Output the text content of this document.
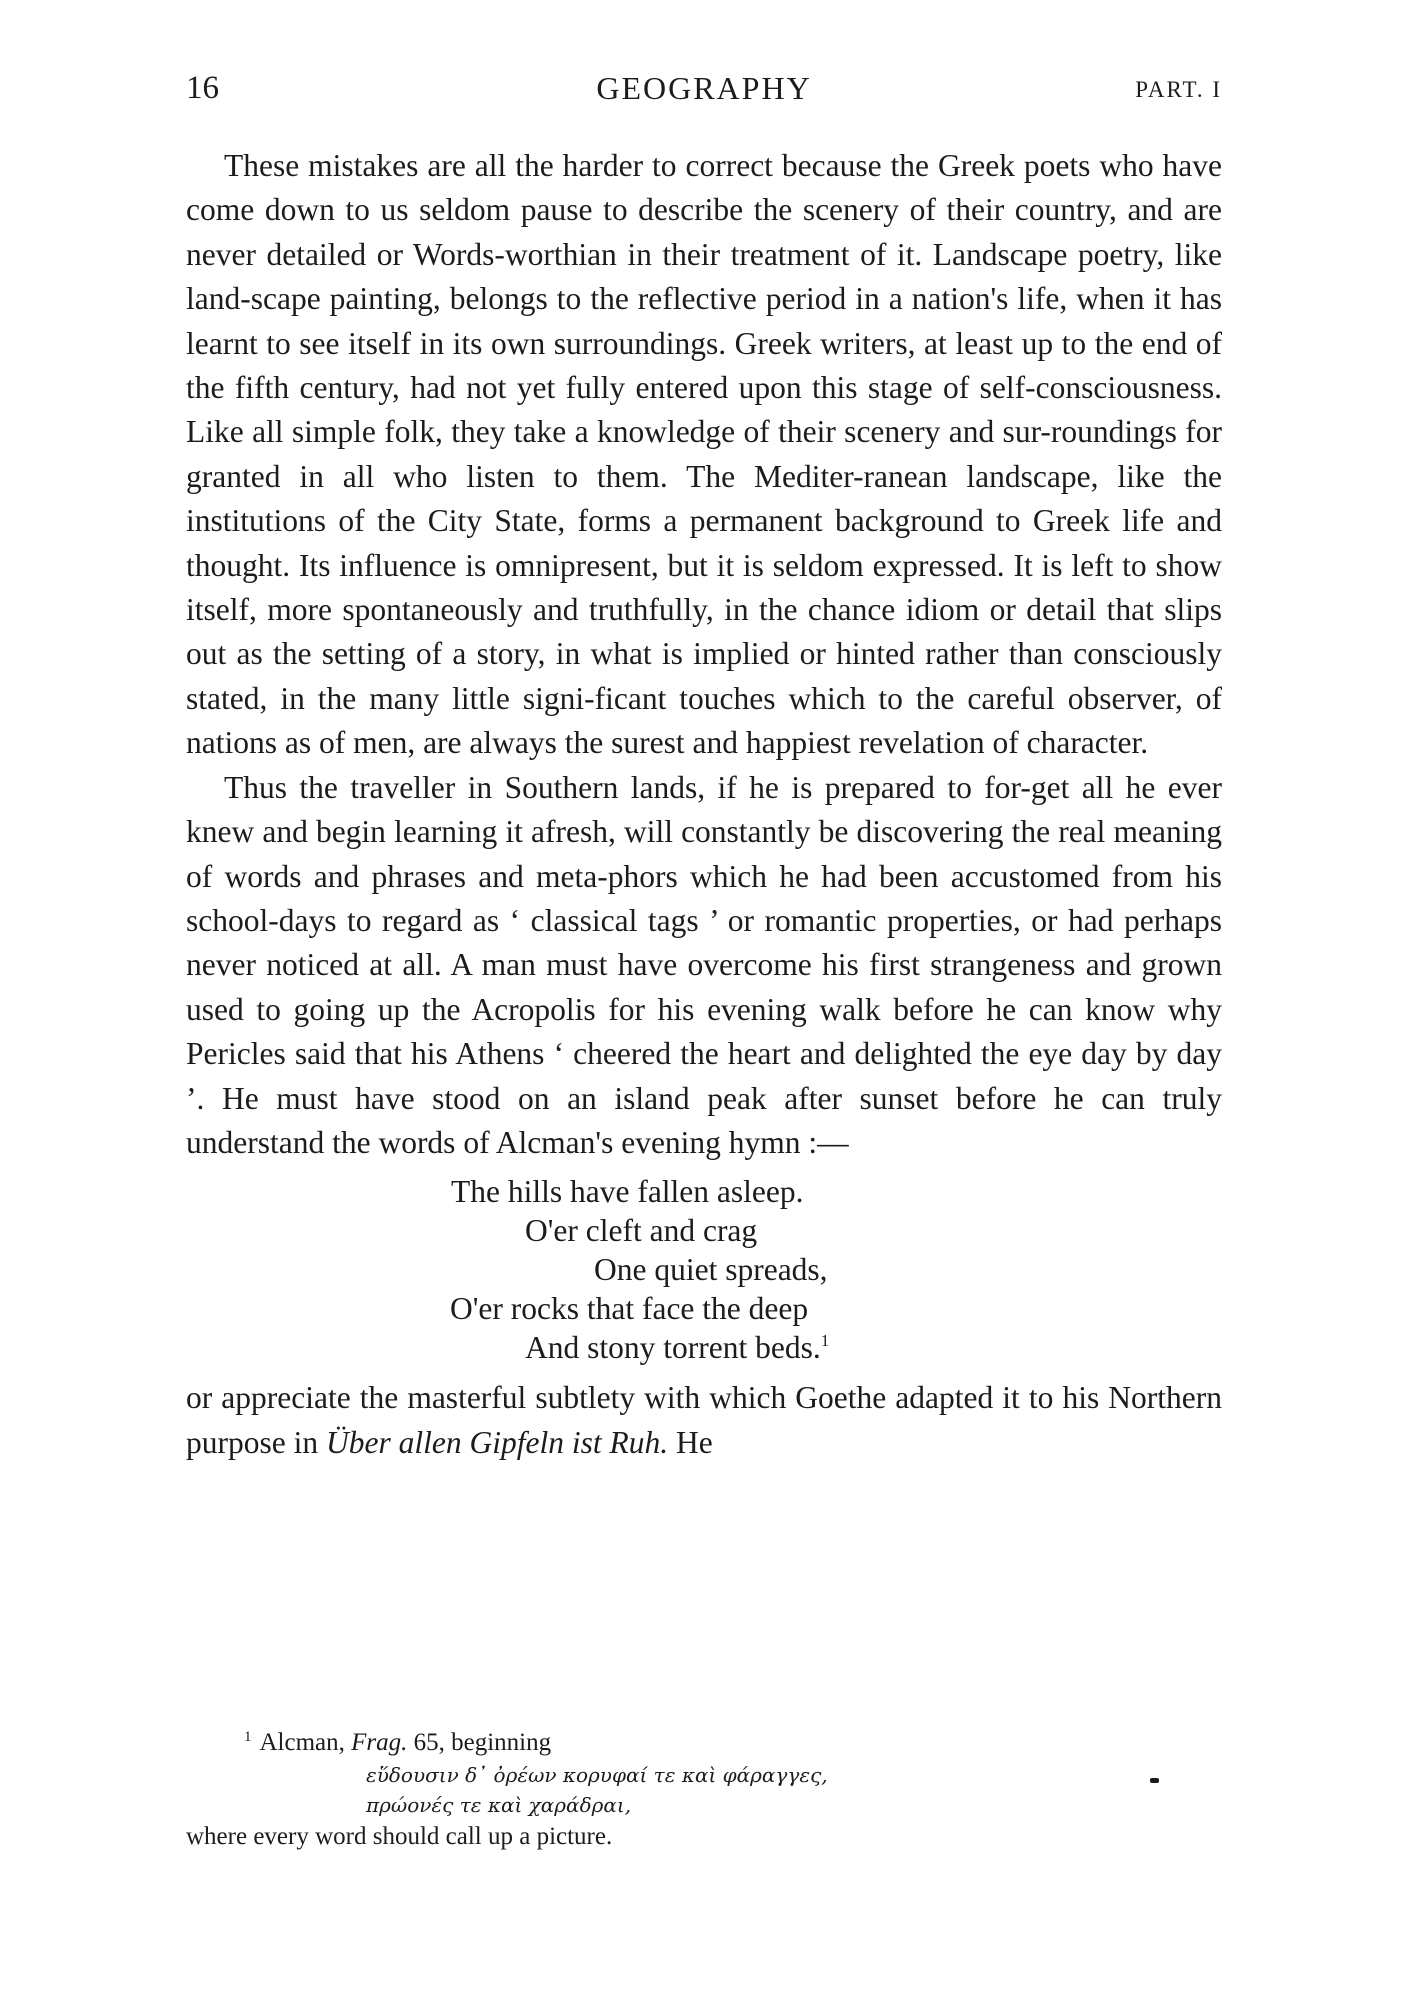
16	GEOGRAPHY	PART. I

These mistakes are all the harder to correct because the Greek poets who have come down to us seldom pause to describe the scenery of their country, and are never detailed or Words-worthian in their treatment of it. Landscape poetry, like land-scape painting, belongs to the reflective period in a nation's life, when it has learnt to see itself in its own surroundings. Greek writers, at least up to the end of the fifth century, had not yet fully entered upon this stage of self-consciousness. Like all simple folk, they take a knowledge of their scenery and sur-roundings for granted in all who listen to them. The Mediter-ranean landscape, like the institutions of the City State, forms a permanent background to Greek life and thought. Its influence is omnipresent, but it is seldom expressed. It is left to show itself, more spontaneously and truthfully, in the chance idiom or detail that slips out as the setting of a story, in what is implied or hinted rather than consciously stated, in the many little signi-ficant touches which to the careful observer, of nations as of men, are always the surest and happiest revelation of character.

Thus the traveller in Southern lands, if he is prepared to for-get all he ever knew and begin learning it afresh, will constantly be discovering the real meaning of words and phrases and meta-phors which he had been accustomed from his school-days to regard as ‘ classical tags ’ or romantic properties, or had perhaps never noticed at all. A man must have overcome his first strangeness and grown used to going up the Acropolis for his evening walk before he can know why Pericles said that his Athens ‘ cheered the heart and delighted the eye day by day ’. He must have stood on an island peak after sunset before he can truly understand the words of Alcman's evening hymn :—

The hills have fallen asleep.
O'er cleft and crag
One quiet spreads,
O'er rocks that face the deep
And stony torrent beds.$^1$

or appreciate the masterful subtlety with which Goethe adapted it to his Northern purpose in Über allen Gipfeln ist Ruh. He

$^1$ Alcman, Frag. 65, beginning
εὕδουσιν δ᾽ ὀρέων κορυφαί τε καὶ φάραγγες,
πρώονές τε καὶ χαράδραι,
where every word should call up a picture.
